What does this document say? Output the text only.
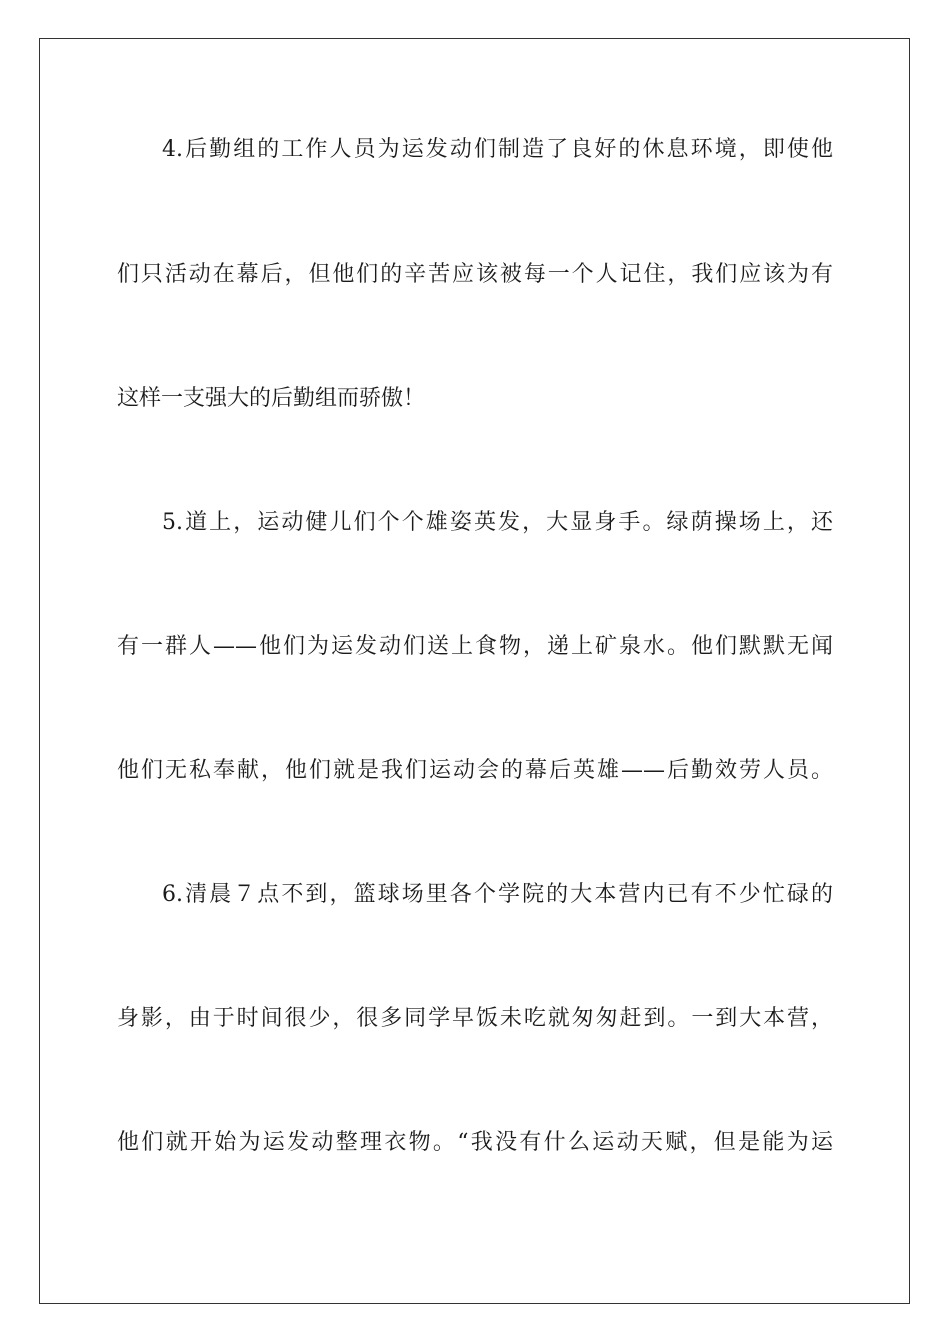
4.后勤组的工作人员为运发动们制造了良好的休息环境，即使他
们只活动在幕后，但他们的辛苦应该被每一个人记住，我们应该为有
这样一支强大的后勤组而骄傲！
5.道上，运动健儿们个个雄姿英发，大显身手。绿荫操场上，还
有一群人——他们为运发动们送上食物，递上矿泉水。他们默默无闻
他们无私奉献，他们就是我们运动会的幕后英雄——后勤效劳人员。
6.清晨７点不到，篮球场里各个学院的大本营内已有不少忙碌的
身影，由于时间很少，很多同学早饭未吃就匆匆赶到。一到大本营，
他们就开始为运发动整理衣物。“我没有什么运动天赋，但是能为运
